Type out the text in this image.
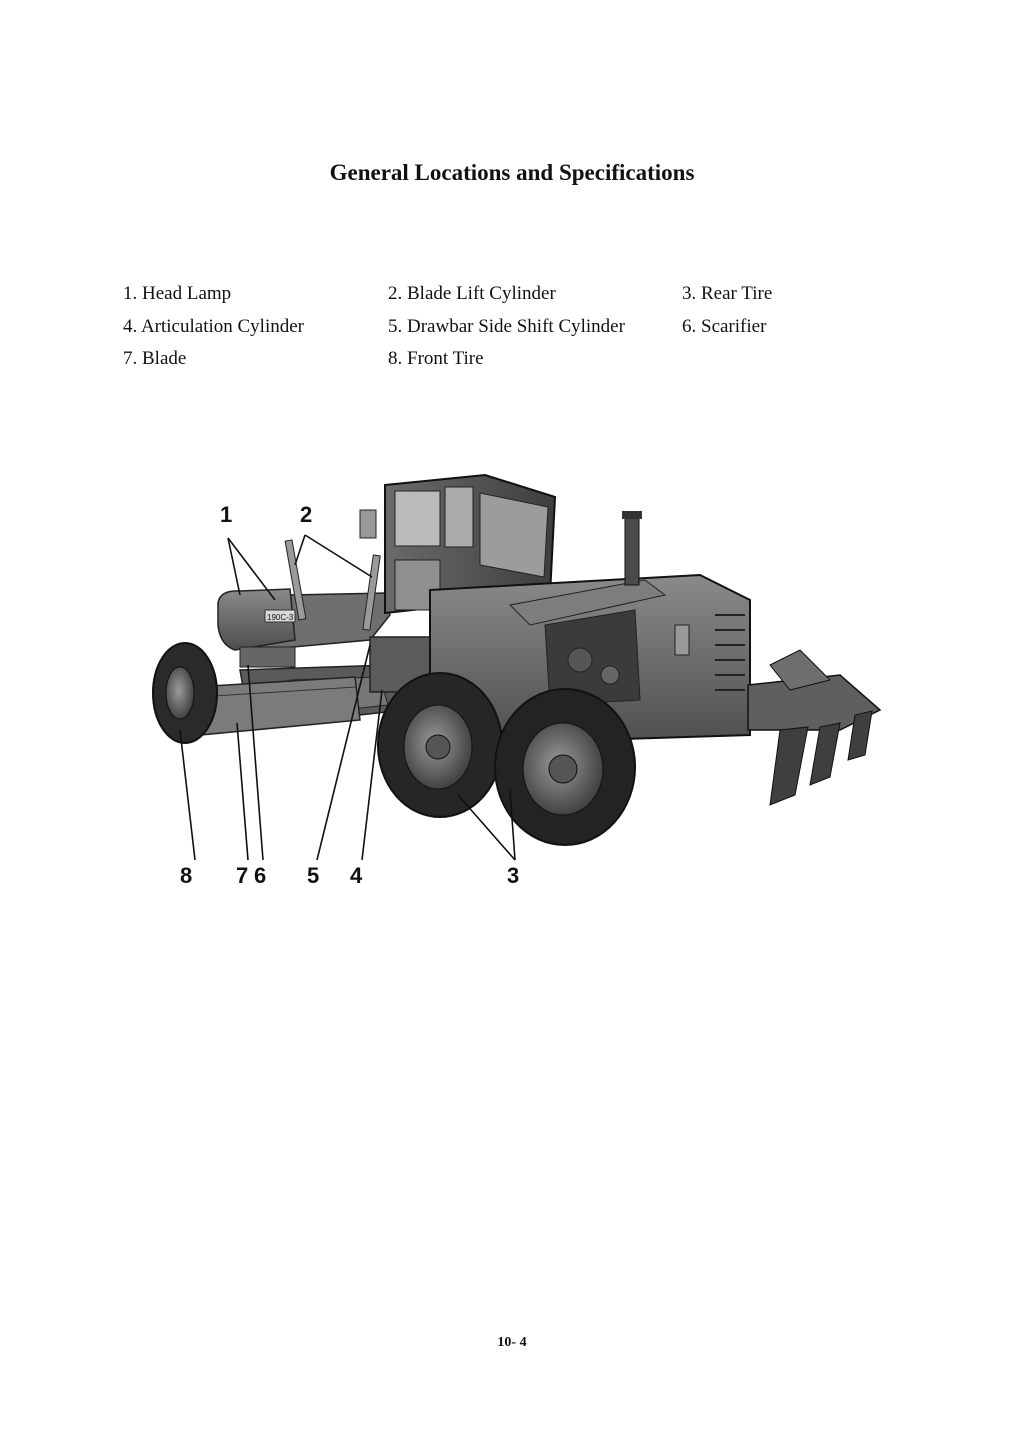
General Locations and Specifications
1. Head Lamp	2. Blade Lift Cylinder	3. Rear Tire
4. Articulation Cylinder	5. Drawbar Side Shift Cylinder	6. Scarifier
7. Blade	8. Front Tire
190C-3
1	2
8 7 6 5 4	3
10- 4
